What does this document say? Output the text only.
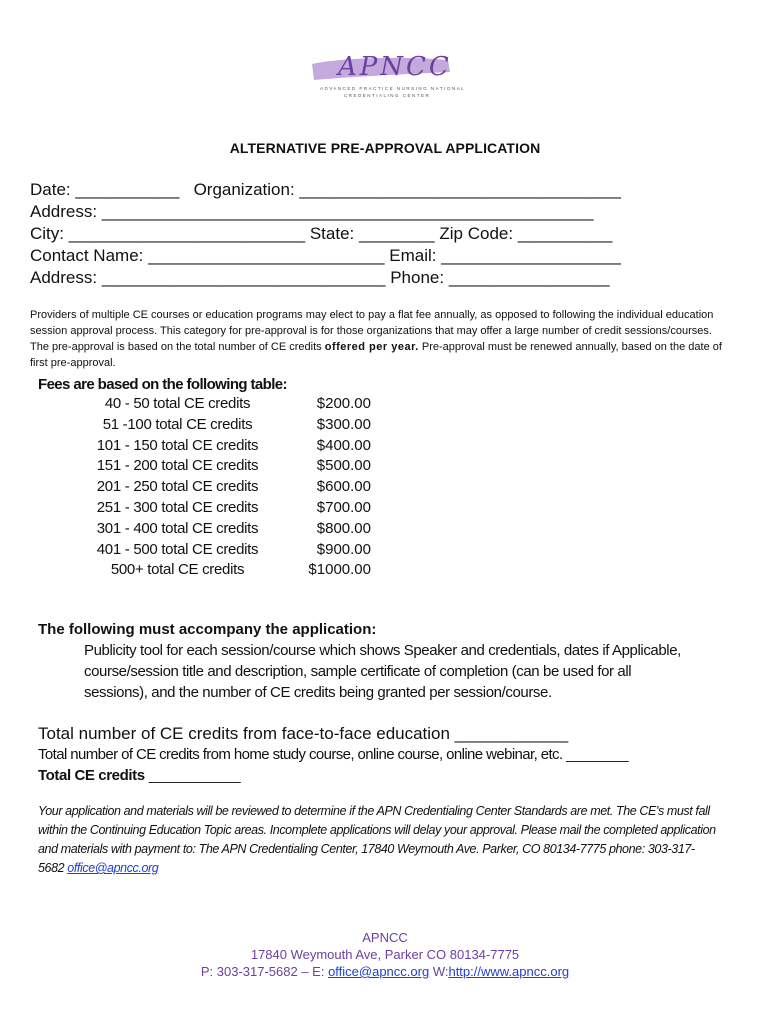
APNCC
ADVANCED PRACTICE NURSING NATIONAL
CREDENTIALING CENTER
ALTERNATIVE PRE-APPROVAL APPLICATION
Date: ___________ Organization: __________________________________
Address: ____________________________________________________
City: _________________________ State: ________ Zip Code: __________
Contact Name: _________________________ Email: ___________________
Address: ______________________________ Phone: _________________
Providers of multiple CE courses or education programs may elect to pay a flat fee annually, as opposed to following the individual education session approval process. This category for pre-approval is for those organizations that may offer a large number of credit sessions/courses. The pre-approval is based on the total number of CE credits offered per year. Pre-approval must be renewed annually, based on the date of first pre-approval.
Fees are based on the following table:
40 - 50 total CE credits	$200.00
51 -100 total CE credits	$300.00
101 - 150 total CE credits	$400.00
151 - 200 total CE credits	$500.00
201 - 250 total CE credits	$600.00
251 - 300 total CE credits	$700.00
301 - 400 total CE credits	$800.00
401 - 500 total CE credits	$900.00
500+ total CE credits	$1000.00
The following must accompany the application:
Publicity tool for each session/course which shows Speaker and credentials, dates if Applicable, course/session title and description, sample certificate of completion (can be used for all sessions), and the number of CE credits being granted per session/course.
Total number of CE credits from face-to-face education ____________
Total number of CE credits from home study course, online course, online webinar, etc. ________
Total CE credits ___________
Your application and materials will be reviewed to determine if the APN Credentialing Center Standards are met. The CE's must fall within the Continuing Education Topic areas. Incomplete applications will delay your approval. Please mail the completed application and materials with payment to: The APN Credentialing Center, 17840 Weymouth Ave. Parker, CO 80134-7775 phone: 303-317-5682 office@apncc.org
APNCC
17840 Weymouth Ave, Parker CO 80134-7775
P: 303-317-5682 – E: office@apncc.org W:http://www.apncc.org
